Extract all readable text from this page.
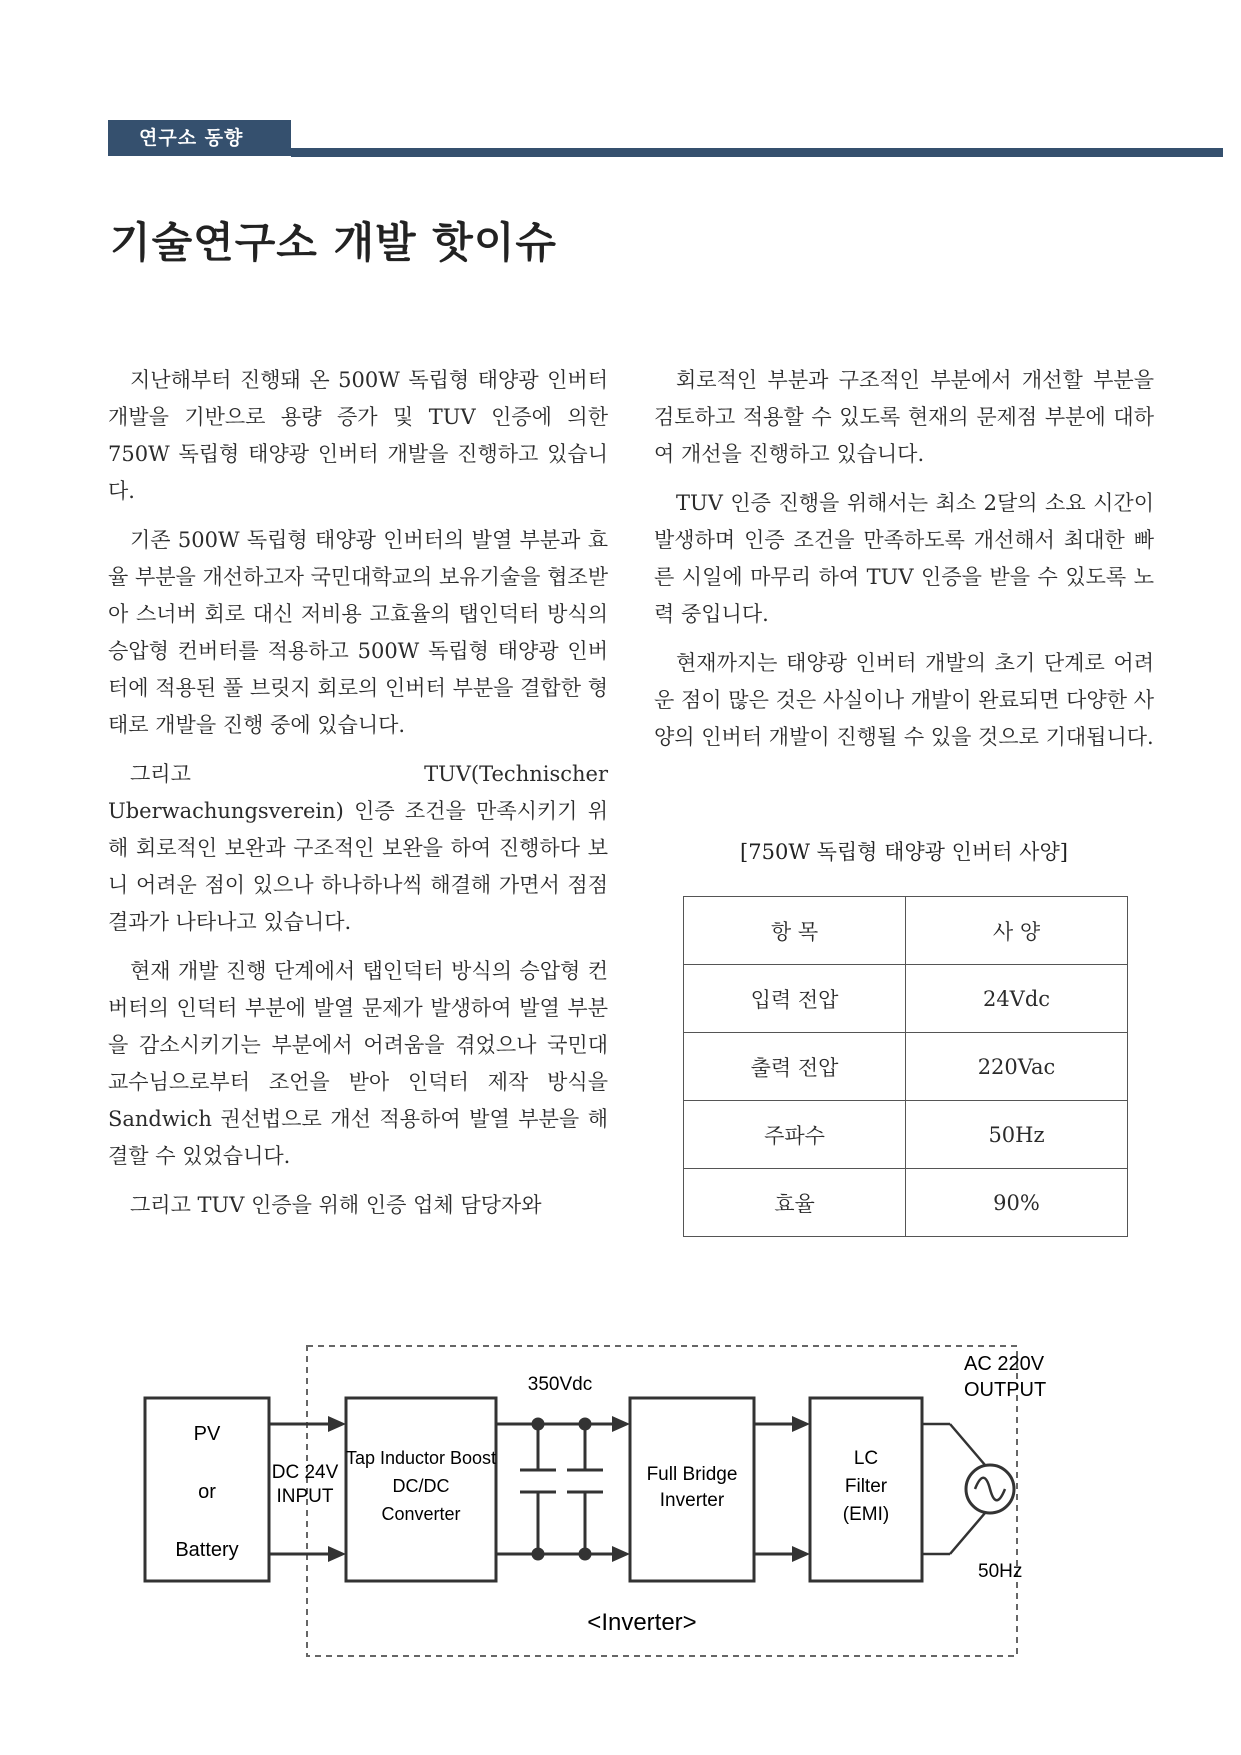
연구소 동향
기술연구소 개발 핫이슈

지난해부터 진행돼 온 500W 독립형 태양광 인버터 개발을 기반으로 용량 증가 및 TUV 인증에 의한 750W 독립형 태양광 인버터 개발을 진행하고 있습니다.

기존 500W 독립형 태양광 인버터의 발열 부분과 효율 부분을 개선하고자 국민대학교의 보유기술을 협조받아 스너버 회로 대신 저비용 고효율의 탭인덕터 방식의 승압형 컨버터를 적용하고 500W 독립형 태양광 인버터에 적용된 풀 브릿지 회로의 인버터 부분을 결합한 형태로 개발을 진행 중에 있습니다.

그리고 TUV(Technischer Uberwachungsverein) 인증 조건을 만족시키기 위해 회로적인 보완과 구조적인 보완을 하여 진행하다 보니 어려운 점이 있으나 하나하나씩 해결해 가면서 점점 결과가 나타나고 있습니다.

현재 개발 진행 단계에서 탭인덕터 방식의 승압형 컨버터의 인덕터 부분에 발열 문제가 발생하여 발열 부분을 감소시키기는 부분에서 어려움을 겪었으나 국민대 교수님으로부터 조언을 받아 인덕터 제작 방식을 Sandwich 권선법으로 개선 적용하여 발열 부분을 해결할 수 있었습니다.

그리고 TUV 인증을 위해 인증 업체 담당자와

회로적인 부분과 구조적인 부분에서 개선할 부분을 검토하고 적용할 수 있도록 현재의 문제점 부분에 대하여 개선을 진행하고 있습니다.

TUV 인증 진행을 위해서는 최소 2달의 소요 시간이 발생하며 인증 조건을 만족하도록 개선해서 최대한 빠른 시일에 마무리 하여 TUV 인증을 받을 수 있도록 노력 중입니다.

현재까지는 태양광 인버터 개발의 초기 단계로 어려운 점이 많은 것은 사실이나 개발이 완료되면 다양한 사양의 인버터 개발이 진행될 수 있을 것으로 기대됩니다.

[750W 독립형 태양광 인버터 사양]
항 목	사 양
입력 전압	24Vdc
출력 전압	220Vac
주파수	50Hz
효율	90%
PV
or
Battery
DC 24V
INPUT
Tap Inductor Boost
DC/DC
Converter
350Vdc
Full Bridge
Inverter
LC
Filter
(EMI)
AC 220V
OUTPUT
50Hz
<Inverter>
